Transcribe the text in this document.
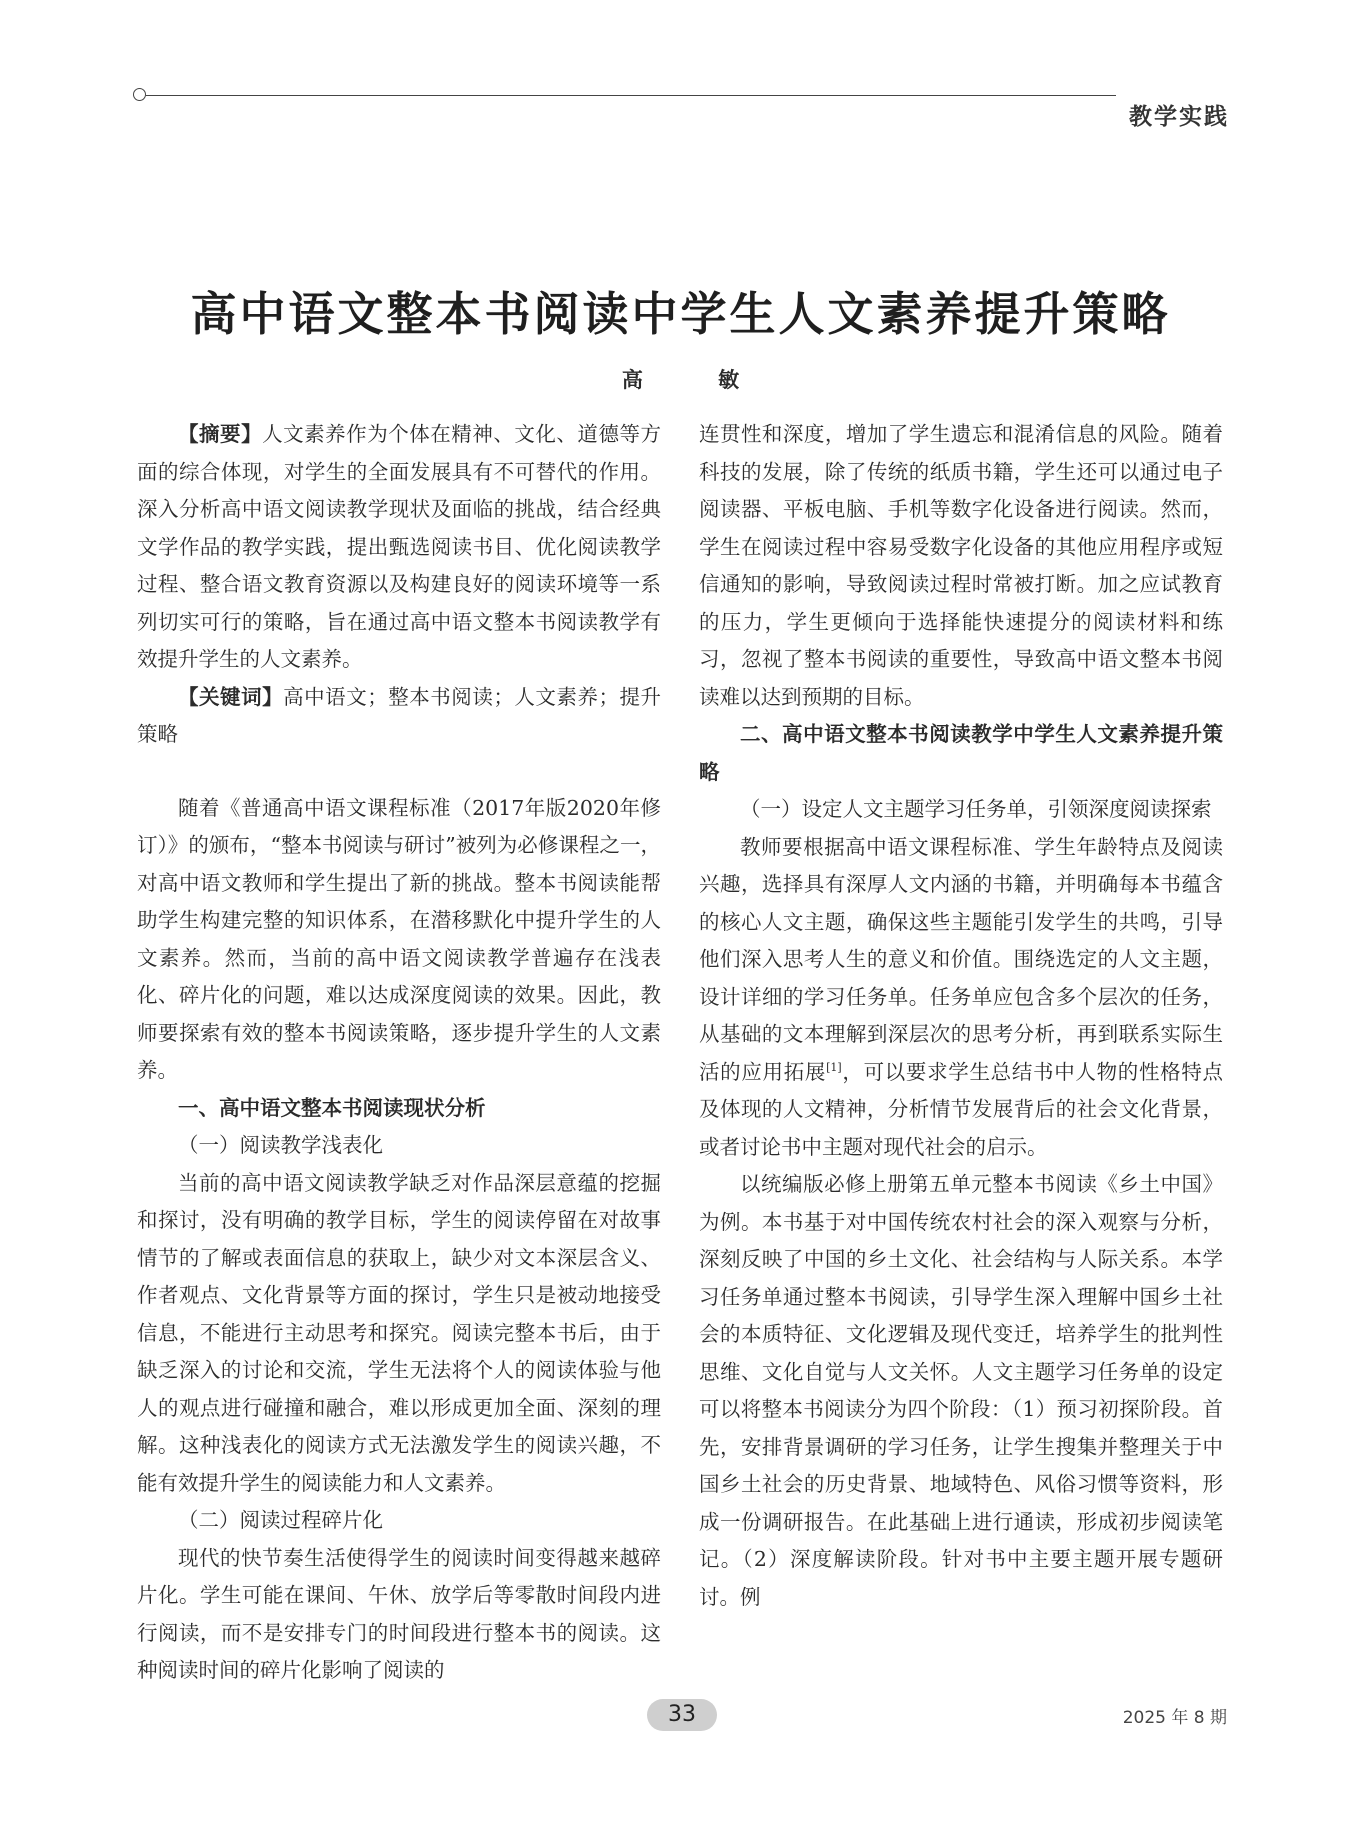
教学实践
高中语文整本书阅读中学生人文素养提升策略
高 敏

【摘要】人文素养作为个体在精神、文化、道德等方面的综合体现，对学生的全面发展具有不可替代的作用。深入分析高中语文阅读教学现状及面临的挑战，结合经典文学作品的教学实践，提出甄选阅读书目、优化阅读教学过程、整合语文教育资源以及构建良好的阅读环境等一系列切实可行的策略，旨在通过高中语文整本书阅读教学有效提升学生的人文素养。

【关键词】高中语文；整本书阅读；人文素养；提升策略

随着《普通高中语文课程标准（2017年版2020年修订）》的颁布，“整本书阅读与研讨”被列为必修课程之一，对高中语文教师和学生提出了新的挑战。整本书阅读能帮助学生构建完整的知识体系，在潜移默化中提升学生的人文素养。然而，当前的高中语文阅读教学普遍存在浅表化、碎片化的问题，难以达成深度阅读的效果。因此，教师要探索有效的整本书阅读策略，逐步提升学生的人文素养。

一、高中语文整本书阅读现状分析

（一）阅读教学浅表化

当前的高中语文阅读教学缺乏对作品深层意蕴的挖掘和探讨，没有明确的教学目标，学生的阅读停留在对故事情节的了解或表面信息的获取上，缺少对文本深层含义、作者观点、文化背景等方面的探讨，学生只是被动地接受信息，不能进行主动思考和探究。阅读完整本书后，由于缺乏深入的讨论和交流，学生无法将个人的阅读体验与他人的观点进行碰撞和融合，难以形成更加全面、深刻的理解。这种浅表化的阅读方式无法激发学生的阅读兴趣，不能有效提升学生的阅读能力和人文素养。

（二）阅读过程碎片化

现代的快节奏生活使得学生的阅读时间变得越来越碎片化。学生可能在课间、午休、放学后等零散时间段内进行阅读，而不是安排专门的时间段进行整本书的阅读。这种阅读时间的碎片化影响了阅读的

连贯性和深度，增加了学生遗忘和混淆信息的风险。随着科技的发展，除了传统的纸质书籍，学生还可以通过电子阅读器、平板电脑、手机等数字化设备进行阅读。然而，学生在阅读过程中容易受数字化设备的其他应用程序或短信通知的影响，导致阅读过程时常被打断。加之应试教育的压力，学生更倾向于选择能快速提分的阅读材料和练习，忽视了整本书阅读的重要性，导致高中语文整本书阅读难以达到预期的目标。

二、高中语文整本书阅读教学中学生人文素养提升策略

（一）设定人文主题学习任务单，引领深度阅读探索

教师要根据高中语文课程标准、学生年龄特点及阅读兴趣，选择具有深厚人文内涵的书籍，并明确每本书蕴含的核心人文主题，确保这些主题能引发学生的共鸣，引导他们深入思考人生的意义和价值。围绕选定的人文主题，设计详细的学习任务单。任务单应包含多个层次的任务，从基础的文本理解到深层次的思考分析，再到联系实际生活的应用拓展[1]，可以要求学生总结书中人物的性格特点及体现的人文精神，分析情节发展背后的社会文化背景，或者讨论书中主题对现代社会的启示。

以统编版必修上册第五单元整本书阅读《乡土中国》为例。本书基于对中国传统农村社会的深入观察与分析，深刻反映了中国的乡土文化、社会结构与人际关系。本学习任务单通过整本书阅读，引导学生深入理解中国乡土社会的本质特征、文化逻辑及现代变迁，培养学生的批判性思维、文化自觉与人文关怀。人文主题学习任务单的设定可以将整本书阅读分为四个阶段：（1）预习初探阶段。首先，安排背景调研的学习任务，让学生搜集并整理关于中国乡土社会的历史背景、地域特色、风俗习惯等资料，形成一份调研报告。在此基础上进行通读，形成初步阅读笔记。（2）深度解读阶段。针对书中主要主题开展专题研讨。例

33	2025 年 8 期
